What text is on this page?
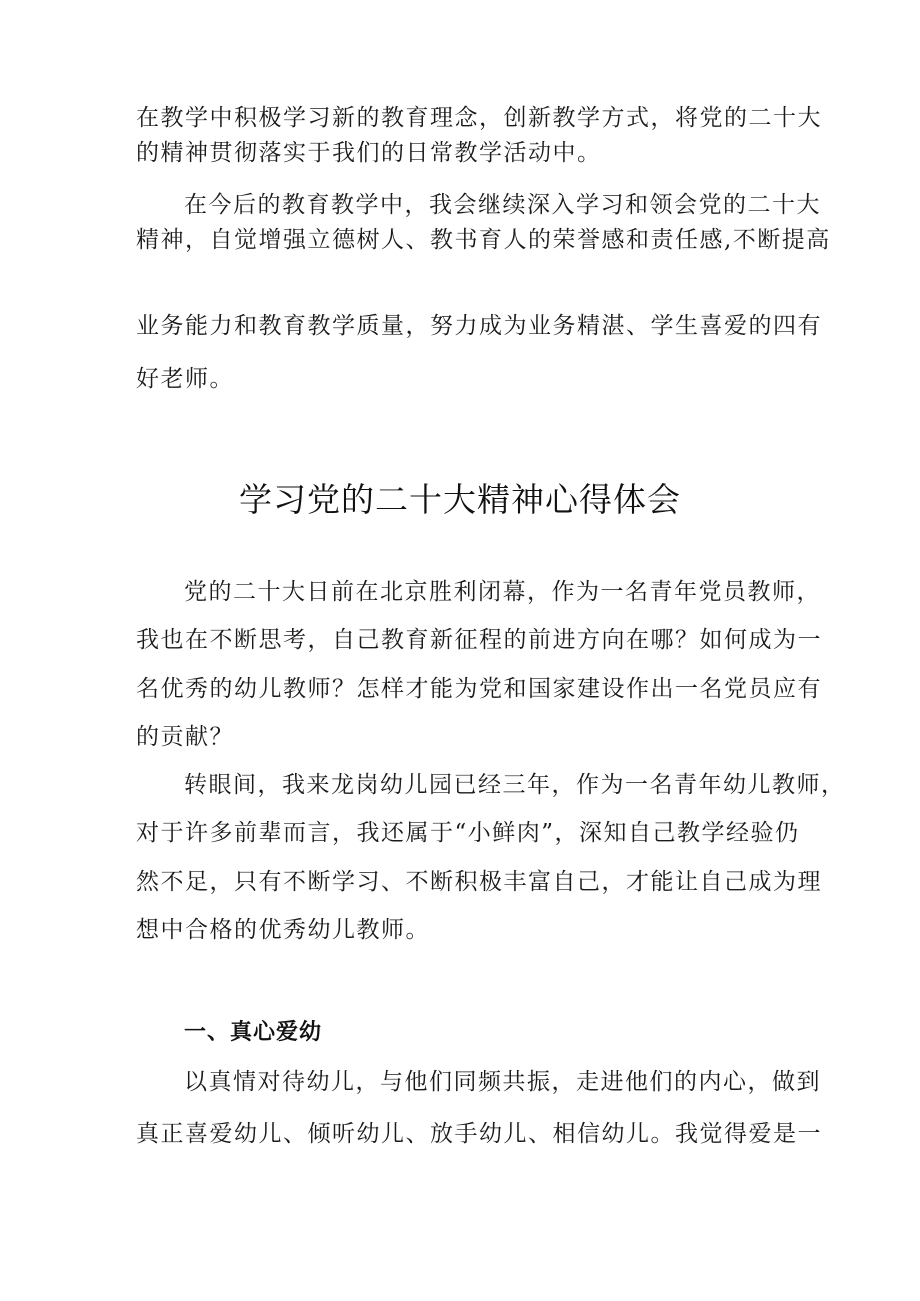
在教学中积极学习新的教育理念，创新教学方式，将党的二十大
的精神贯彻落实于我们的日常教学活动中。
在今后的教育教学中，我会继续深入学习和领会党的二十大
精神，自觉增强立德树人、教书育人的荣誉感和责任感,不断提高
业务能力和教育教学质量，努力成为业务精湛、学生喜爱的四有
好老师。
学习党的二十大精神心得体会
党的二十大日前在北京胜利闭幕，作为一名青年党员教师，
我也在不断思考，自己教育新征程的前进方向在哪？如何成为一
名优秀的幼儿教师？怎样才能为党和国家建设作出一名党员应有
的贡献？
转眼间，我来龙岗幼儿园已经三年，作为一名青年幼儿教师，
对于许多前辈而言，我还属于“小鲜肉”，深知自己教学经验仍
然不足，只有不断学习、不断积极丰富自己，才能让自己成为理
想中合格的优秀幼儿教师。
一、真心爱幼
以真情对待幼儿，与他们同频共振，走进他们的内心，做到
真正喜爱幼儿、倾听幼儿、放手幼儿、相信幼儿。我觉得爱是一
